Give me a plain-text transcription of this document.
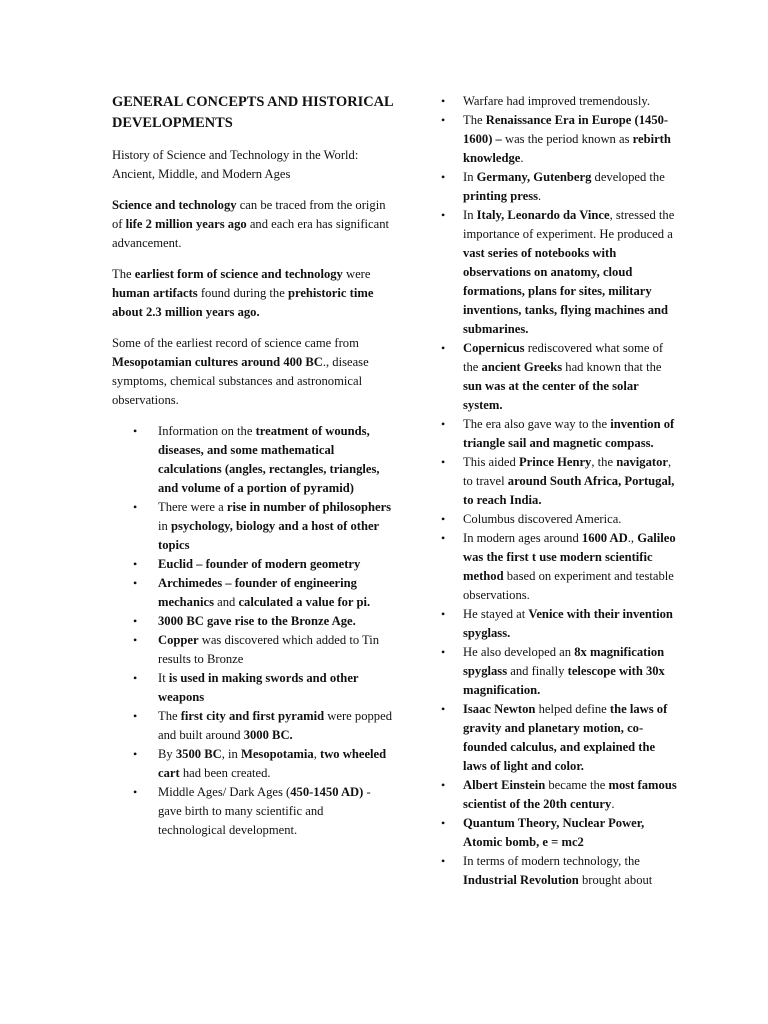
GENERAL CONCEPTS AND HISTORICAL DEVELOPMENTS

History of Science and Technology in the World: Ancient, Middle, and Modern Ages

Science and technology can be traced from the origin of life 2 million years ago and each era has significant advancement.

The earliest form of science and technology were human artifacts found during the prehistoric time about 2.3 million years ago.

Some of the earliest record of science came from Mesopotamian cultures around 400 BC., disease symptoms, chemical substances and astronomical observations.

• Information on the treatment of wounds, diseases, and some mathematical calculations (angles, rectangles, triangles, and volume of a portion of pyramid)
• There were a rise in number of philosophers in psychology, biology and a host of other topics
• Euclid – founder of modern geometry
• Archimedes – founder of engineering mechanics and calculated a value for pi.
• 3000 BC gave rise to the Bronze Age.
• Copper was discovered which added to Tin results to Bronze
• It is used in making swords and other weapons
• The first city and first pyramid were popped and built around 3000 BC.
• By 3500 BC, in Mesopotamia, two wheeled cart had been created.
• Middle Ages/ Dark Ages (450-1450 AD) - gave birth to many scientific and technological development.
• Warfare had improved tremendously.
• The Renaissance Era in Europe (1450- 1600) – was the period known as rebirth knowledge.
• In Germany, Gutenberg developed the printing press.
• In Italy, Leonardo da Vince, stressed the importance of experiment. He produced a vast series of notebooks with observations on anatomy, cloud formations, plans for sites, military inventions, tanks, flying machines and submarines.
• Copernicus rediscovered what some of the ancient Greeks had known that the sun was at the center of the solar system.
• The era also gave way to the invention of triangle sail and magnetic compass.
• This aided Prince Henry, the navigator, to travel around South Africa, Portugal, to reach India.
• Columbus discovered America.
• In modern ages around 1600 AD., Galileo was the first t use modern scientific method based on experiment and testable observations.
• He stayed at Venice with their invention spyglass.
• He also developed an 8x magnification spyglass and finally telescope with 30x magnification.
• Isaac Newton helped define the laws of gravity and planetary motion, co-founded calculus, and explained the laws of light and color.
• Albert Einstein became the most famous scientist of the 20th century.
• Quantum Theory, Nuclear Power, Atomic bomb, e = mc2
• In terms of modern technology, the Industrial Revolution brought about
